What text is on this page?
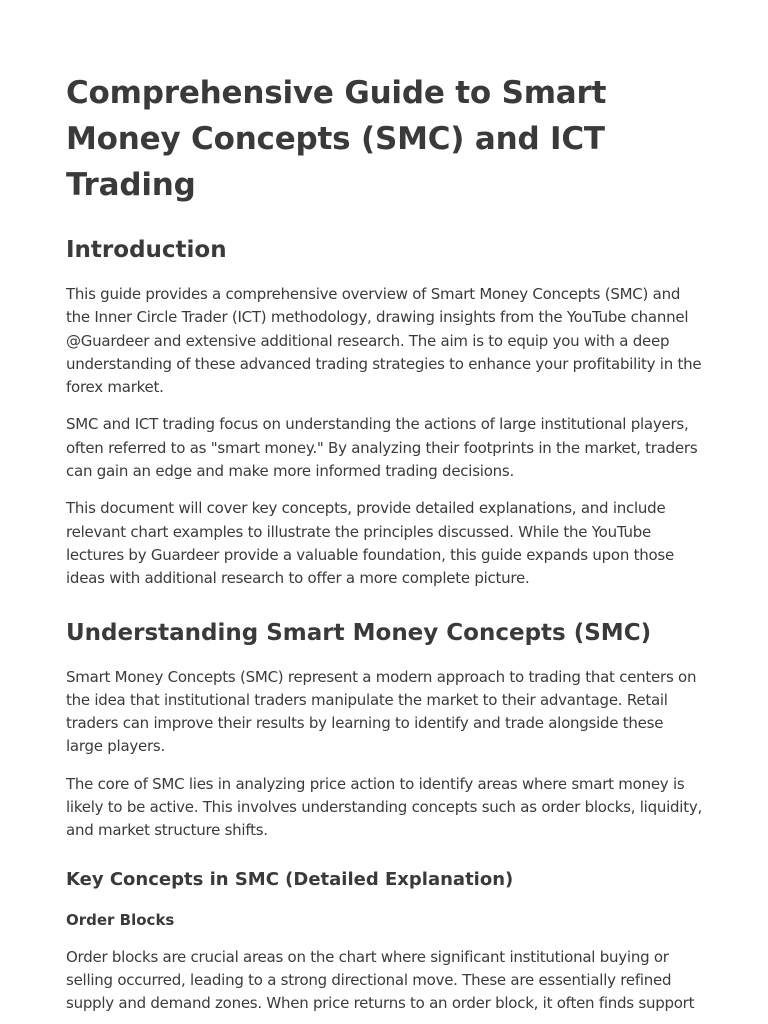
Comprehensive Guide to Smart Money Concepts (SMC) and ICT Trading
Introduction

This guide provides a comprehensive overview of Smart Money Concepts (SMC) and the Inner Circle Trader (ICT) methodology, drawing insights from the YouTube channel @Guardeer and extensive additional research. The aim is to equip you with a deep understanding of these advanced trading strategies to enhance your profitability in the forex market.

SMC and ICT trading focus on understanding the actions of large institutional players, often referred to as "smart money." By analyzing their footprints in the market, traders can gain an edge and make more informed trading decisions.

This document will cover key concepts, provide detailed explanations, and include relevant chart examples to illustrate the principles discussed. While the YouTube lectures by Guardeer provide a valuable foundation, this guide expands upon those ideas with additional research to offer a more complete picture.

Understanding Smart Money Concepts (SMC)

Smart Money Concepts (SMC) represent a modern approach to trading that centers on the idea that institutional traders manipulate the market to their advantage. Retail traders can improve their results by learning to identify and trade alongside these large players.

The core of SMC lies in analyzing price action to identify areas where smart money is likely to be active. This involves understanding concepts such as order blocks, liquidity, and market structure shifts.

Key Concepts in SMC (Detailed Explanation)
Order Blocks

Order blocks are crucial areas on the chart where significant institutional buying or selling occurred, leading to a strong directional move. These are essentially refined supply and demand zones. When price returns to an order block, it often finds support
